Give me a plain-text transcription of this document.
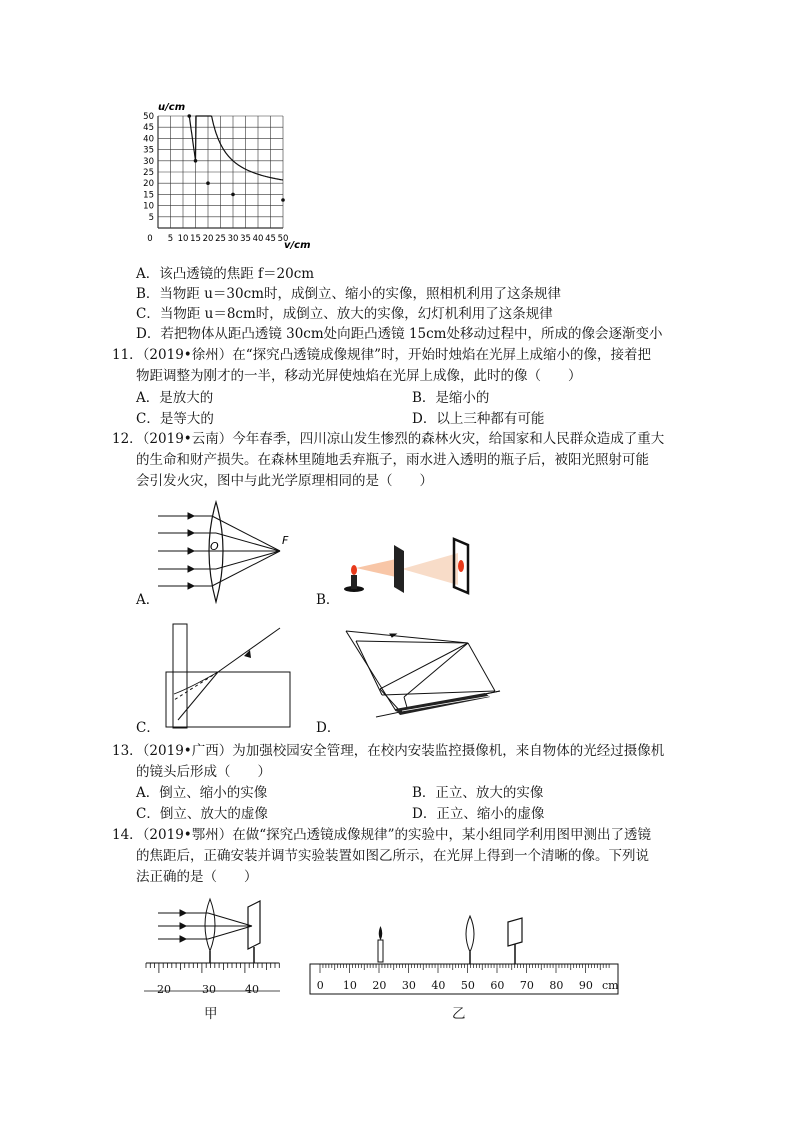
u/cm
50
45
40
35
30
25
20
15
10
5
0 5 10 15 20 25 30 35 40 45 50
v/cm
A．该凸透镜的焦距 f＝20cm
B．当物距 u＝30cm时，成倒立、缩小的实像，照相机利用了这条规律
C．当物距 u＝8cm时，成倒立、放大的实像，幻灯机利用了这条规律
D．若把物体从距凸透镜 30cm处向距凸透镜 15cm处移动过程中，所成的像会逐渐变小
11．（2019•徐州）在“探究凸透镜成像规律”时，开始时烛焰在光屏上成缩小的像，接着把
物距调整为刚才的一半，移动光屏使烛焰在光屏上成像，此时的像（　　）
A．是放大的	B．是缩小的
C．是等大的	D．以上三种都有可能
12．（2019•云南）今年春季，四川凉山发生惨烈的森林火灾，给国家和人民群众造成了重大
的生命和财产损失。在森林里随地丢弃瓶子，雨水进入透明的瓶子后，被阳光照射可能
会引发火灾，图中与此光学原理相同的是（　　）
O	F
A．	B．
C．	D．
13．（2019•广西）为加强校园安全管理，在校内安装监控摄像机，来自物体的光经过摄像机
的镜头后形成（　　）
A．倒立、缩小的实像	B．正立、放大的实像
C．倒立、放大的虚像	D．正立、缩小的虚像
14．（2019•鄂州）在做“探究凸透镜成像规律”的实验中，某小组同学利用图甲测出了透镜
的焦距后，正确安装并调节实验装置如图乙所示，在光屏上得到一个清晰的像。下列说
法正确的是（　　）
20	30	40
甲
0 10 20 30 40 50 60 70 80 90 cm
乙
